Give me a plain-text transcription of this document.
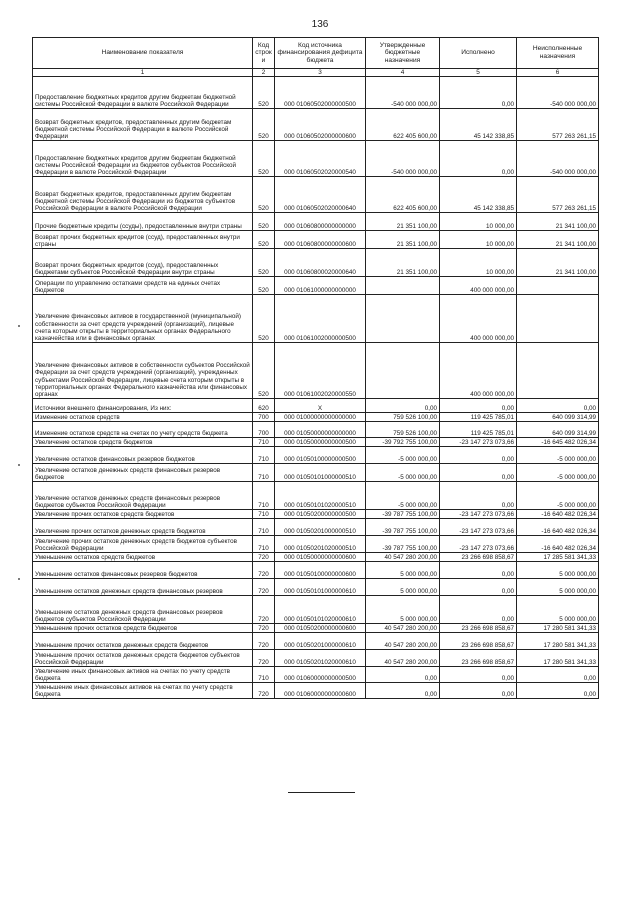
136
Наименование показателя	Код строк и	Код источника финансирования дефицита бюджета	Утвержденные бюджетные назначения	Исполнено	Неисполненные назначения
1	2	3	4	5	6
Предоставление бюджетных кредитов другим бюджетам бюджетной системы Российской Федерации в валюте Российской Федерации	520	000 01060502000000500	-540 000 000,00	0,00	-540 000 000,00
Возврат бюджетных кредитов, предоставленных другим бюджетам бюджетной системы Российской Федерации в валюте Российской Федерации	520	000 01060502000000600	622 405 600,00	45 142 338,85	577 263 261,15
Предоставление бюджетных кредитов другим бюджетам бюджетной системы Российской Федерации из бюджетов субъектов Российской Федерации в валюте Российской Федерации	520	000 01060502020000540	-540 000 000,00	0,00	-540 000 000,00
Возврат бюджетных кредитов, предоставленных другим бюджетам бюджетной системы Российской Федерации из бюджетов субъектов Российской Федерации в валюте Российской Федерации	520	000 01060502020000640	622 405 600,00	45 142 338,85	577 263 261,15
Прочие бюджетные кредиты (ссуды), предоставленные внутри страны	520	000 01060800000000000	21 351 100,00	10 000,00	21 341 100,00
Возврат прочих бюджетных кредитов (ссуд), предоставленных внутри страны	520	000 01060800000000600	21 351 100,00	10 000,00	21 341 100,00
Возврат прочих бюджетных кредитов (ссуд), предоставленных бюджетами субъектов Российской Федерации внутри страны	520	000 01060800020000640	21 351 100,00	10 000,00	21 341 100,00
Операции по управлению остатками средств на единых счетах бюджетов	520	000 01061000000000000		400 000 000,00	
Увеличение финансовых активов в государственной (муниципальной) собственности за счет средств учреждений (организаций), лицевые счета которым открыты в территориальных органах Федерального казначейства или в финансовых органах	520	000 01061002000000500		400 000 000,00	
Увеличение финансовых активов в собственности субъектов Российской Федерации за счет средств учреждений (организаций), учрежденных субъектами Российской Федерации, лицевые счета которым открыты в территориальных органах Федерального казначейства или финансовых органах	520	000 01061002020000550		400 000 000,00	
Источники внешнего финансирования, Из них:	620	X	0,00	0,00	0,00
Изменение остатков средств	700	000 01000000000000000	759 526 100,00	119 425 785,01	640 099 314,99
Изменение остатков средств на счетах по учету средств бюджета	700	000 01050000000000000	759 526 100,00	119 425 785,01	640 099 314,99
Увеличение остатков средств бюджетов	710	000 01050000000000500	-39 792 755 100,00	-23 147 273 073,66	-16 645 482 026,34
Увеличение остатков финансовых резервов бюджетов	710	000 01050100000000500	-5 000 000,00	0,00	-5 000 000,00
Увеличение остатков денежных средств финансовых резервов бюджетов	710	000 01050101000000510	-5 000 000,00	0,00	-5 000 000,00
Увеличение остатков денежных средств финансовых резервов бюджетов субъектов Российской Федерации	710	000 01050101020000510	-5 000 000,00	0,00	-5 000 000,00
Увеличение прочих остатков средств бюджетов	710	000 01050200000000500	-39 787 755 100,00	-23 147 273 073,66	-16 640 482 026,34
Увеличение прочих остатков денежных средств бюджетов	710	000 01050201000000510	-39 787 755 100,00	-23 147 273 073,66	-16 640 482 026,34
Увеличение прочих остатков денежных средств бюджетов субъектов Российской Федерации	710	000 01050201020000510	-39 787 755 100,00	-23 147 273 073,66	-16 640 482 026,34
Уменьшение остатков средств бюджетов	720	000 01050000000000600	40 547 280 200,00	23 266 698 858,67	17 285 581 341,33
Уменьшение остатков финансовых резервов бюджетов	720	000 01050100000000600	5 000 000,00	0,00	5 000 000,00
Уменьшение остатков денежных средств финансовых резервов	720	000 01050101000000610	5 000 000,00	0,00	5 000 000,00
Уменьшение остатков денежных средств финансовых резервов бюджетов субъектов Российской Федерации	720	000 01050101020000610	5 000 000,00	0,00	5 000 000,00
Уменьшение прочих остатков средств бюджетов	720	000 01050200000000600	40 547 280 200,00	23 266 698 858,67	17 280 581 341,33
Уменьшение прочих остатков денежных средств бюджетов	720	000 01050201000000610	40 547 280 200,00	23 266 698 858,67	17 280 581 341,33
Уменьшение прочих остатков денежных средств бюджетов субъектов Российской Федерации	720	000 01050201020000610	40 547 280 200,00	23 266 698 858,67	17 280 581 341,33
Увеличение иных финансовых активов на счетах по учету средств бюджета	710	000 01060000000000500	0,00	0,00	0,00
Уменьшение иных финансовых активов на счетах по учету средств бюджета	720	000 01060000000000600	0,00	0,00	0,00
